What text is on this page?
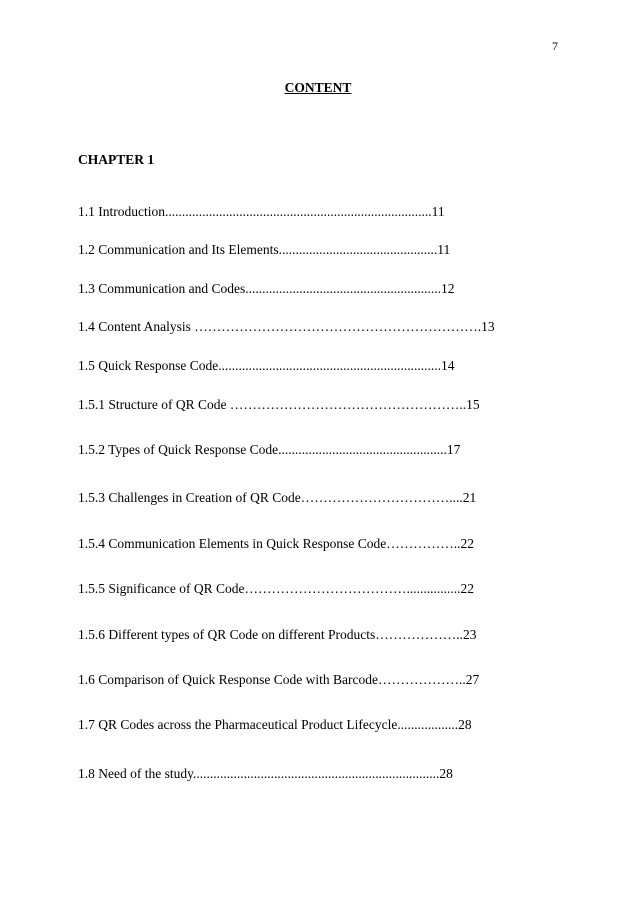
7
CONTENT
CHAPTER 1
1.1 Introduction...............................................................................11
1.2 Communication and Its Elements...............................................11
1.3 Communication and Codes..........................................................12
1.4 Content Analysis ……………………………………………………….13
1.5 Quick Response Code..................................................................14
1.5.1 Structure of QR Code ……………………………………………..15
1.5.2 Types of Quick Response Code..................................................17
1.5.3 Challenges in Creation of QR Code……………………………....21
1.5.4 Communication Elements in Quick Response Code……………..22
1.5.5 Significance of QR Code………………………………................22
1.5.6 Different types of QR Code on different Products………………..23
1.6 Comparison of Quick Response Code with Barcode………………..27
1.7 QR Codes across the Pharmaceutical Product Lifecycle..................28
1.8 Need of the study.........................................................................28
